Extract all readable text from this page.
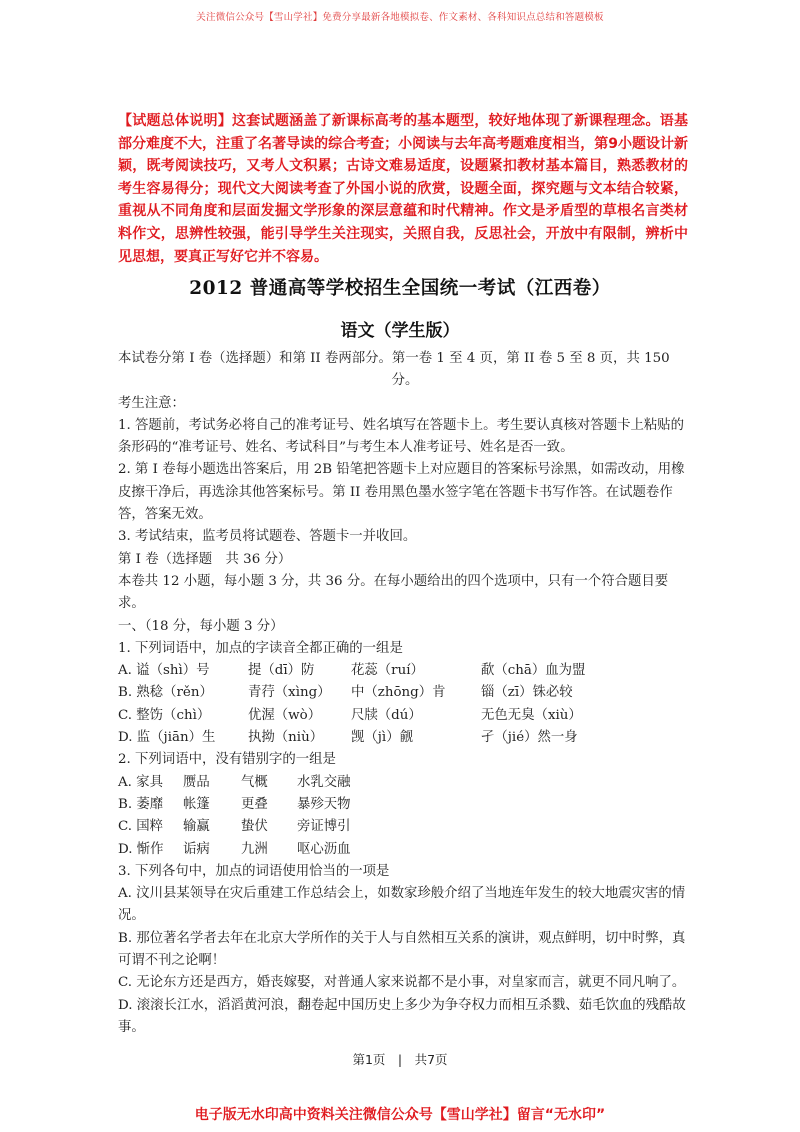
关注微信公众号【雪山学社】免费分享最新各地模拟卷、作文素材、各科知识点总结和答题模板
【试题总体说明】这套试题涵盖了新课标高考的基本题型，较好地体现了新课程理念。语基部分难度不大，注重了名著导读的综合考查；小阅读与去年高考题难度相当，第9小题设计新颖，既考阅读技巧，又考人文积累；古诗文难易适度，设题紧扣教材基本篇目，熟悉教材的考生容易得分；现代文大阅读考查了外国小说的欣赏，设题全面，探究题与文本结合较紧，重视从不同角度和层面发掘文学形象的深层意蕴和时代精神。作文是矛盾型的草根名言类材料作文，思辨性较强，能引导学生关注现实，关照自我，反思社会，开放中有限制，辨析中见思想，要真正写好它并不容易。
2012 普通高等学校招生全国统一考试（江西卷）
语文（学生版）

本试卷分第 I 卷（选择题）和第 II 卷两部分。第一卷 1 至 4 页，第 II 卷 5 至 8 页，共 150

分。

考生注意：

1. 答题前，考试务必将自己的准考证号、姓名填写在答题卡上。考生要认真核对答题卡上粘贴的条形码的“准考证号、姓名、考试科目”与考生本人准考证号、姓名是否一致。

2. 第 I 卷每小题选出答案后，用 2B 铅笔把答题卡上对应题目的答案标号涂黑，如需改动，用橡皮擦干净后，再选涂其他答案标号。第 II 卷用黑色墨水签字笔在答题卡书写作答。在试题卷作答，答案无效。

3. 考试结束，监考员将试题卷、答题卡一并收回。

第 I 卷（选择题　共 36 分）

本卷共 12 小题，每小题 3 分，共 36 分。在每小题给出的四个选项中，只有一个符合题目要求。

一、（18 分，每小题 3 分）

1. 下列词语中，加点的字读音全都正确的一组是

A. 谥（shì）号	提（dī）防	花蕊（ruí）	歃（chā）血为盟
B. 熟稔（rěn）	青荇（xìng）	中（zhōng）肯	锱（zī）铢必较
C. 整饬（chì）	优渥（wò）	尺牍（dú）	无色无臭（xiù）
D. 监（jiān）生	执拗（niù）	觊（jì）觎	孑（jié）然一身

2. 下列词语中，没有错别字的一组是

A. 家具	赝品	气概	水乳交融
B. 萎靡	帐篷	更叠	暴殄天物
C. 国粹	输赢	蛰伏	旁证博引
D. 惭作	诟病	九洲	呕心沥血

3. 下列各句中，加点的词语使用恰当的一项是

A. 汶川县某领导在灾后重建工作总结会上，如数家珍般介绍了当地连年发生的较大地震灾害的情况。

B. 那位著名学者去年在北京大学所作的关于人与自然相互关系的演讲，观点鲜明，切中时弊，真可谓不刊之论啊！

C. 无论东方还是西方，婚丧嫁娶，对普通人家来说都不是小事，对皇家而言，就更不同凡响了。

D. 滚滚长江水，滔滔黄河浪，翻卷起中国历史上多少为争夺权力而相互杀戮、茹毛饮血的残酷故事。

第1页　|　共7页
电子版无水印高中资料关注微信公众号【雪山学社】留言“无水印”
